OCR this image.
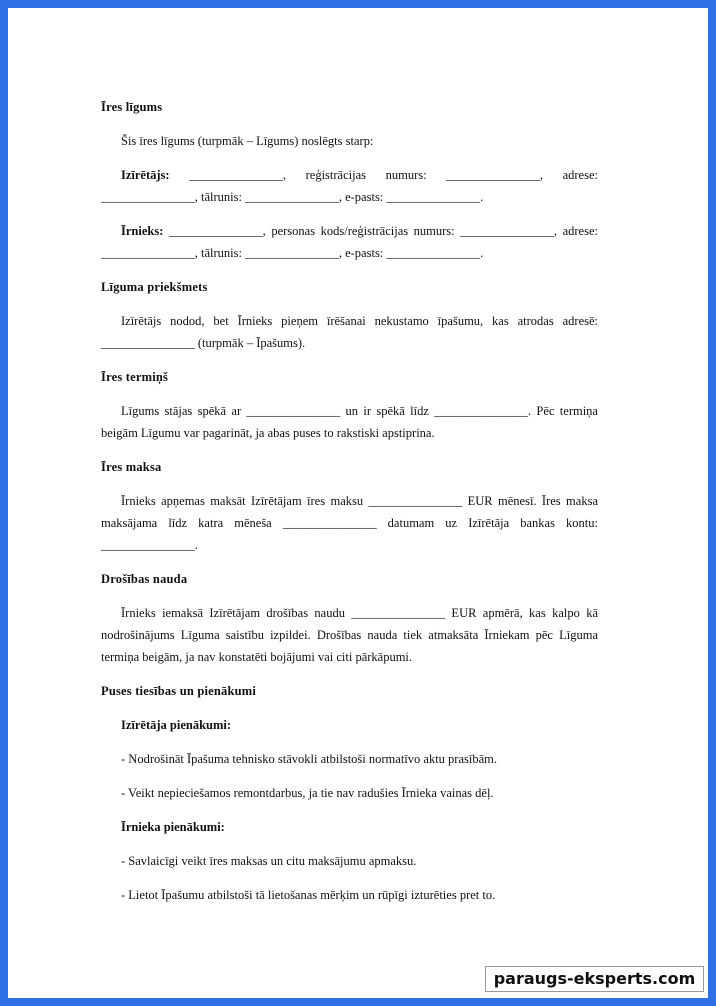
Īres līgums
Šis īres līgums (turpmāk – Līgums) noslēgts starp:
Izīrētājs: _______________, reģistrācijas numurs: _______________, adrese: _______________, tālrunis: _______________, e-pasts: _______________.
Īrnieks: _______________, personas kods/reģistrācijas numurs: _______________, adrese: _______________, tālrunis: _______________, e-pasts: _______________.
Līguma priekšmets
Izīrētājs nodod, bet Īrnieks pieņem īrēšanai nekustamo īpašumu, kas atrodas adresē: _______________ (turpmāk – Īpašums).
Īres termiņš
Līgums stājas spēkā ar _______________ un ir spēkā līdz _______________. Pēc termiņa beigām Līgumu var pagarināt, ja abas puses to rakstiski apstiprina.
Īres maksa
Īrnieks apņemas maksāt Izīrētājam īres maksu _______________ EUR mēnesī. Īres maksa maksājama līdz katra mēneša _______________ datumam uz Izīrētāja bankas kontu: _______________.
Drošības nauda
Īrnieks iemaksā Izīrētājam drošības naudu _______________ EUR apmērā, kas kalpo kā nodrošinājums Līguma saistību izpildei. Drošības nauda tiek atmaksāta Īrniekam pēc Līguma termiņa beigām, ja nav konstatēti bojājumi vai citi pārkāpumi.
Puses tiesības un pienākumi
Izīrētāja pienākumi:
- Nodrošināt Īpašuma tehnisko stāvokli atbilstoši normatīvo aktu prasībām.
- Veikt nepieciešamos remontdarbus, ja tie nav radušies Īrnieka vainas dēļ.
Īrnieka pienākumi:
- Savlaicīgi veikt īres maksas un citu maksājumu apmaksu.
- Lietot Īpašumu atbilstoši tā lietošanas mērķim un rūpīgi izturēties pret to.
paraugs-eksperts.com
